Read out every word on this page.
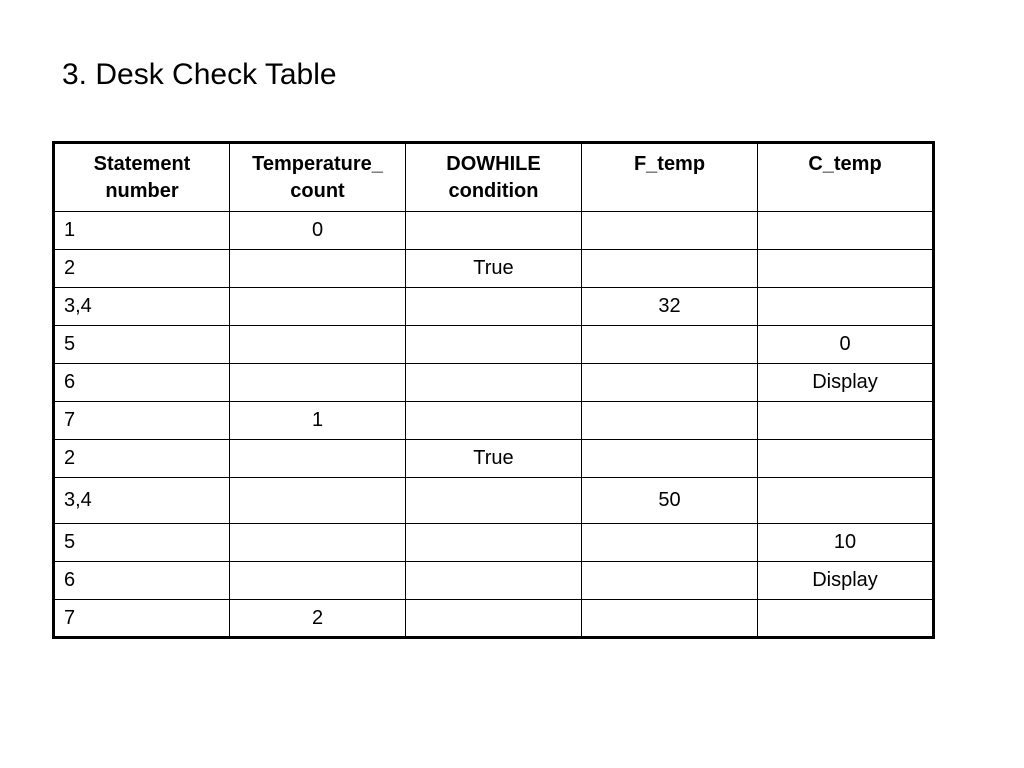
3. Desk Check Table
Statement number	Temperature_ count	DOWHILE condition	F_temp	C_temp
1	0			
2		True		
3,4			32	
5				0
6				Display
7	1			
2		True		
3,4			50	
5				10
6				Display
7	2			
